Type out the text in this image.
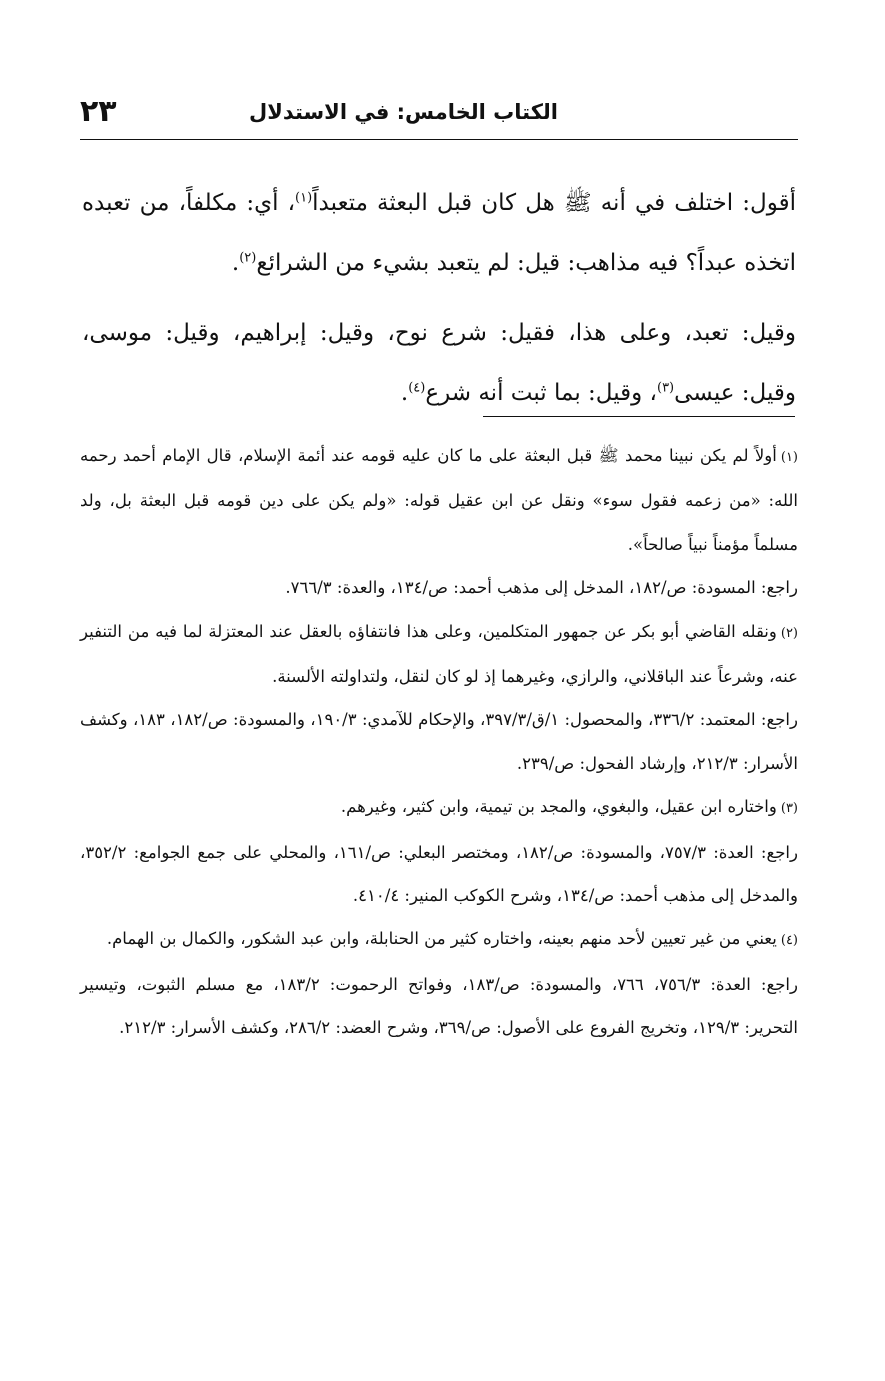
الكتاب الخامس: في الاستدلال
٢٣

أقول: اختلف في أنه ﷺ هل كان قبل البعثة متعبداً$^{(١)}$، أي: مكلفاً، من تعبده اتخذه عبداً؟ فيه مذاهب: قيل: لم يتعبد بشيء من الشرائع$^{(٢)}$.

وقيل: تعبد، وعلى هذا، فقيل: شرع نوح، وقيل: إبراهيم، وقيل: موسى، وقيل: عيسى$^{(٣)}$، وقيل: بما ثبت أنه شرع$^{(٤)}$.

(١)أولاً لم يكن نبينا محمد ﷺ قبل البعثة على ما كان عليه قومه عند أئمة الإسلام، قال الإمام أحمد رحمه الله: «من زعمه فقول سوء» ونقل عن ابن عقيل قوله: «ولم يكن على دين قومه قبل البعثة بل، ولد مسلماً مؤمناً نبياً صالحاً».

راجع: المسودة: ص/١٨٢، المدخل إلى مذهب أحمد: ص/١٣٤، والعدة: ٧٦٦/٣.

(٢)ونقله القاضي أبو بكر عن جمهور المتكلمين، وعلى هذا فانتفاؤه بالعقل عند المعتزلة لما فيه من التنفير عنه، وشرعاً عند الباقلاني، والرازي، وغيرهما إذ لو كان لنقل، ولتداولته الألسنة.

راجع: المعتمد: ٣٣٦/٢، والمحصول: ١/ق/٣٩٧/٣، والإحكام للآمدي: ١٩٠/٣، والمسودة: ص/١٨٢، ١٨٣، وكشف الأسرار: ٢١٢/٣، وإرشاد الفحول: ص/٢٣٩.

(٣)واختاره ابن عقيل، والبغوي، والمجد بن تيمية، وابن كثير، وغيرهم.

راجع: العدة: ٧٥٧/٣، والمسودة: ص/١٨٢، ومختصر البعلي: ص/١٦١، والمحلي على جمع الجوامع: ٣٥٢/٢، والمدخل إلى مذهب أحمد: ص/١٣٤، وشرح الكوكب المنير: ٤١٠/٤.

(٤)يعني من غير تعيين لأحد منهم بعينه، واختاره كثير من الحنابلة، وابن عبد الشكور، والكمال بن الهمام.

راجع: العدة: ٧٥٦/٣، ٧٦٦، والمسودة: ص/١٨٣، وفواتح الرحموت: ١٨٣/٢، مع مسلم الثبوت، وتيسير التحرير: ١٢٩/٣، وتخريج الفروع على الأصول: ص/٣٦٩، وشرح العضد: ٢٨٦/٢، وكشف الأسرار: ٢١٢/٣.
